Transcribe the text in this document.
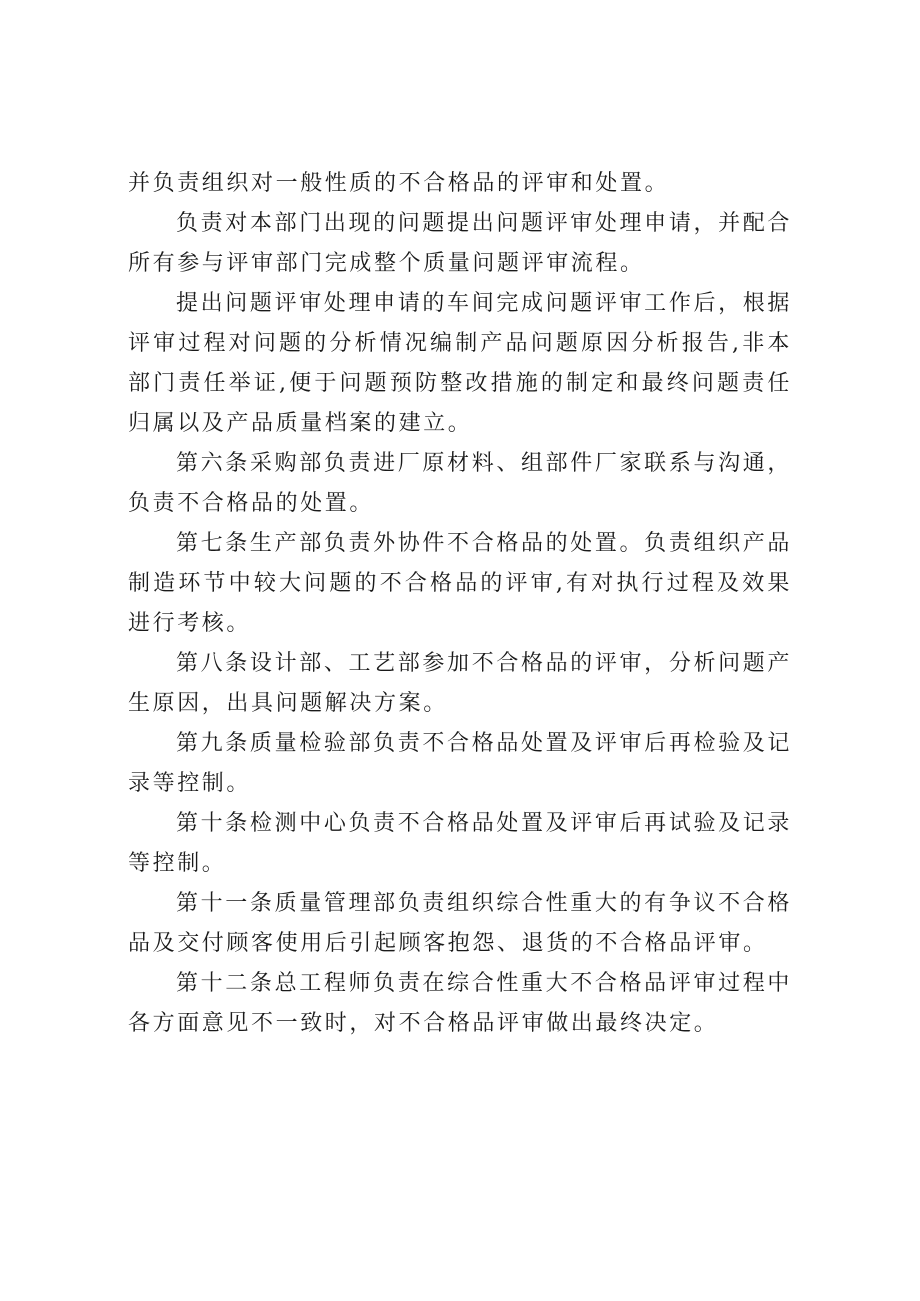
并负责组织对一般性质的不合格品的评审和处置。

负责对本部门出现的问题提出问题评审处理申请，并配合所有参与评审部门完成整个质量问题评审流程。

提出问题评审处理申请的车间完成问题评审工作后，根据评审过程对问题的分析情况编制产品问题原因分析报告,非本部门责任举证,便于问题预防整改措施的制定和最终问题责任归属以及产品质量档案的建立。

第六条采购部负责进厂原材料、组部件厂家联系与沟通，负责不合格品的处置。

第七条生产部负责外协件不合格品的处置。负责组织产品制造环节中较大问题的不合格品的评审,有对执行过程及效果进行考核。

第八条设计部、工艺部参加不合格品的评审，分析问题产生原因，出具问题解决方案。

第九条质量检验部负责不合格品处置及评审后再检验及记录等控制。

第十条检测中心负责不合格品处置及评审后再试验及记录等控制。

第十一条质量管理部负责组织综合性重大的有争议不合格品及交付顾客使用后引起顾客抱怨、退货的不合格品评审。

第十二条总工程师负责在综合性重大不合格品评审过程中各方面意见不一致时，对不合格品评审做出最终决定。
